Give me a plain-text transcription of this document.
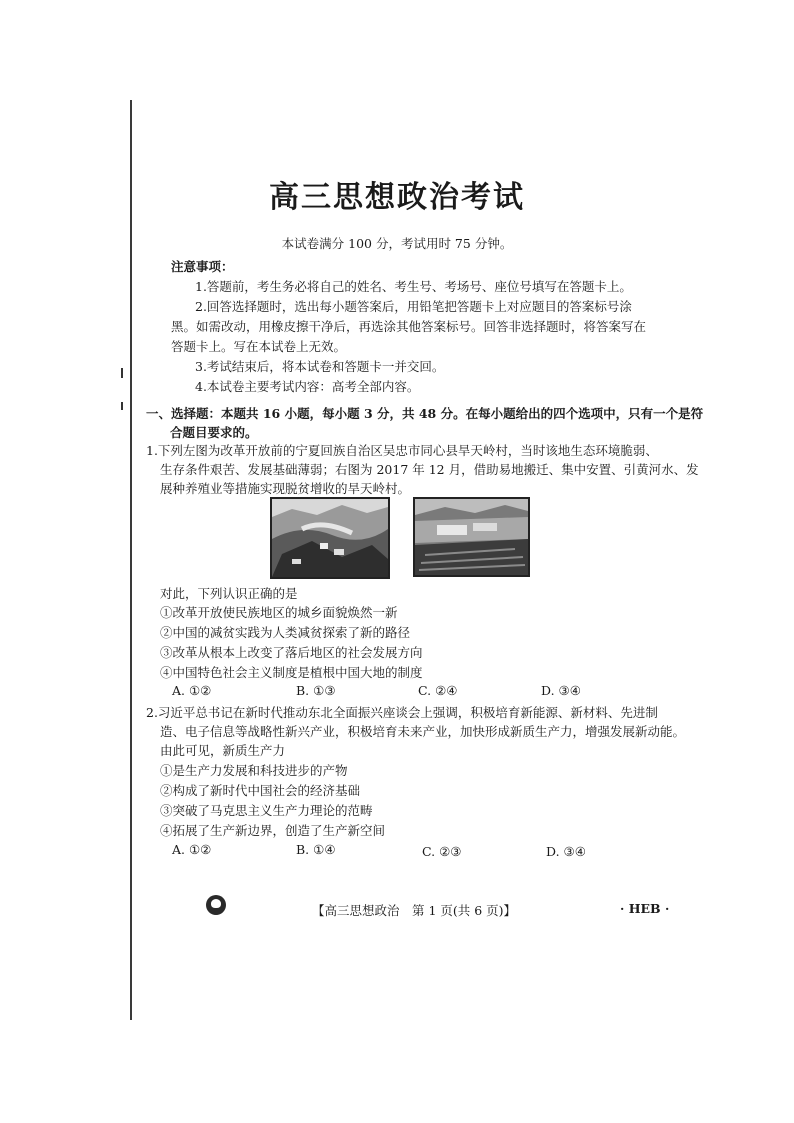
高三思想政治考试
本试卷满分 100 分，考试用时 75 分钟。
注意事项：
1.答题前，考生务必将自己的姓名、考生号、考场号、座位号填写在答题卡上。
2.回答选择题时，选出每小题答案后，用铅笔把答题卡上对应题目的答案标号涂
黑。如需改动，用橡皮擦干净后，再选涂其他答案标号。回答非选择题时，将答案写在
答题卡上。写在本试卷上无效。
3.考试结束后，将本试卷和答题卡一并交回。
4.本试卷主要考试内容：高考全部内容。
一、选择题：本题共 16 小题，每小题 3 分，共 48 分。在每小题给出的四个选项中，只有一个是符
合题目要求的。
1.下列左图为改革开放前的宁夏回族自治区吴忠市同心县旱天岭村，当时该地生态环境脆弱、
生存条件艰苦、发展基础薄弱；右图为 2017 年 12 月，借助易地搬迁、集中安置、引黄河水、发
展种养殖业等措施实现脱贫增收的旱天岭村。
对此，下列认识正确的是
①改革开放使民族地区的城乡面貌焕然一新
②中国的减贫实践为人类减贫探索了新的路径
③改革从根本上改变了落后地区的社会发展方向
④中国特色社会主义制度是植根中国大地的制度
A. ①②	B. ①③	C. ②④	D. ③④
2.习近平总书记在新时代推动东北全面振兴座谈会上强调，积极培育新能源、新材料、先进制
造、电子信息等战略性新兴产业，积极培育未来产业，加快形成新质生产力，增强发展新动能。
由此可见，新质生产力
①是生产力发展和科技进步的产物
②构成了新时代中国社会的经济基础
③突破了马克思主义生产力理论的范畴
④拓展了生产新边界，创造了生产新空间
A. ①②	B. ①④	C. ②③	D. ③④
【高三思想政治　第 1 页(共 6 页)】	· HEB ·
